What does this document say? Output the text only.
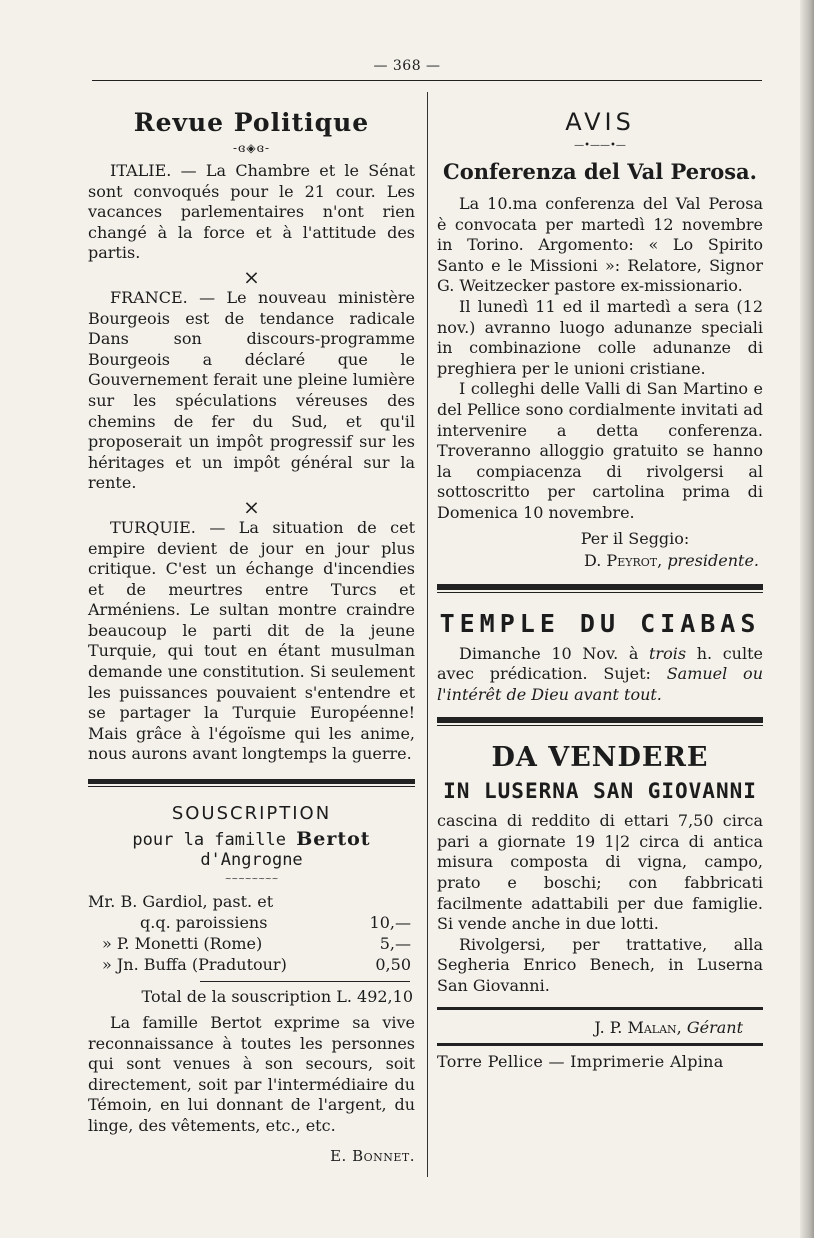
— 368 —
Revue Politique
-ɞ◈ɞ-

ITALIE. — La Chambre et le Sénat sont convoqués pour le 21 cour. Les vacances parlementaires n'ont rien changé à la force et à l'attitude des partis.

×

FRANCE. — Le nouveau ministère Bourgeois est de tendance radicale Dans son discours-programme Bourgeois a déclaré que le Gouvernement ferait une pleine lumière sur les spéculations véreuses des chemins de fer du Sud, et qu'il proposerait un impôt progressif sur les héritages et un impôt général sur la rente.

×

TURQUIE. — La situation de cet empire devient de jour en jour plus critique. C'est un échange d'incendies et de meurtres entre Turcs et Arméniens. Le sultan montre craindre beaucoup le parti dit de la jeune Turquie, qui tout en étant musulman demande une constitution. Si seulement les puissances pouvaient s'entendre et se partager la Turquie Européenne! Mais grâce à l'égoïsme qui les anime, nous aurons avant longtemps la guerre.

SOUSCRIPTION
pour la famille Bertot d'Angrogne
~~~~~~~~
Mr. B. Gardiol, past. et
q.q. paroissiens	10,—
» P. Monetti (Rome)	5,—
» Jn. Buffa (Pradutour)	0,50
Total de la souscription L. 492,10

La famille Bertot exprime sa vive reconnaissance à toutes les personnes qui sont venues à son secours, soit directement, soit par l'intermédiaire du Témoin, en lui donnant de l'argent, du linge, des vêtements, etc., etc.

E. Bonnet.
AVIS
—•——•—
Conferenza del Val Perosa.

La 10.ma conferenza del Val Perosa è convocata per martedì 12 novembre in Torino. Argomento: « Lo Spirito Santo e le Missioni »: Relatore, Signor G. Weitzecker pastore ex-missionario.

Il lunedì 11 ed il martedì a sera (12 nov.) avranno luogo adunanze speciali in combinazione colle adunanze di preghiera per le unioni cristiane.

I colleghi delle Valli di San Martino e del Pellice sono cordialmente invitati ad intervenire a detta conferenza. Troveranno alloggio gratuito se hanno la compiacenza di rivolgersi al sottoscritto per cartolina prima di Domenica 10 novembre.

Per il Seggio:
D. Peyrot, presidente.
TEMPLE DU CIABAS

Dimanche 10 Nov. à trois h. culte avec prédication. Sujet: Samuel ou l'intérêt de Dieu avant tout.

DA VENDERE
IN LUSERNA SAN GIOVANNI

cascina di reddito di ettari 7,50 circa pari a giornate 19 1|2 circa di antica misura composta di vigna, campo, prato e boschi; con fabbricati facilmente adattabili per due famiglie. Si vende anche in due lotti.

Rivolgersi, per trattative, alla Segheria Enrico Benech, in Luserna San Giovanni.

J. P. Malan, Gérant
Torre Pellice — Imprimerie Alpina
